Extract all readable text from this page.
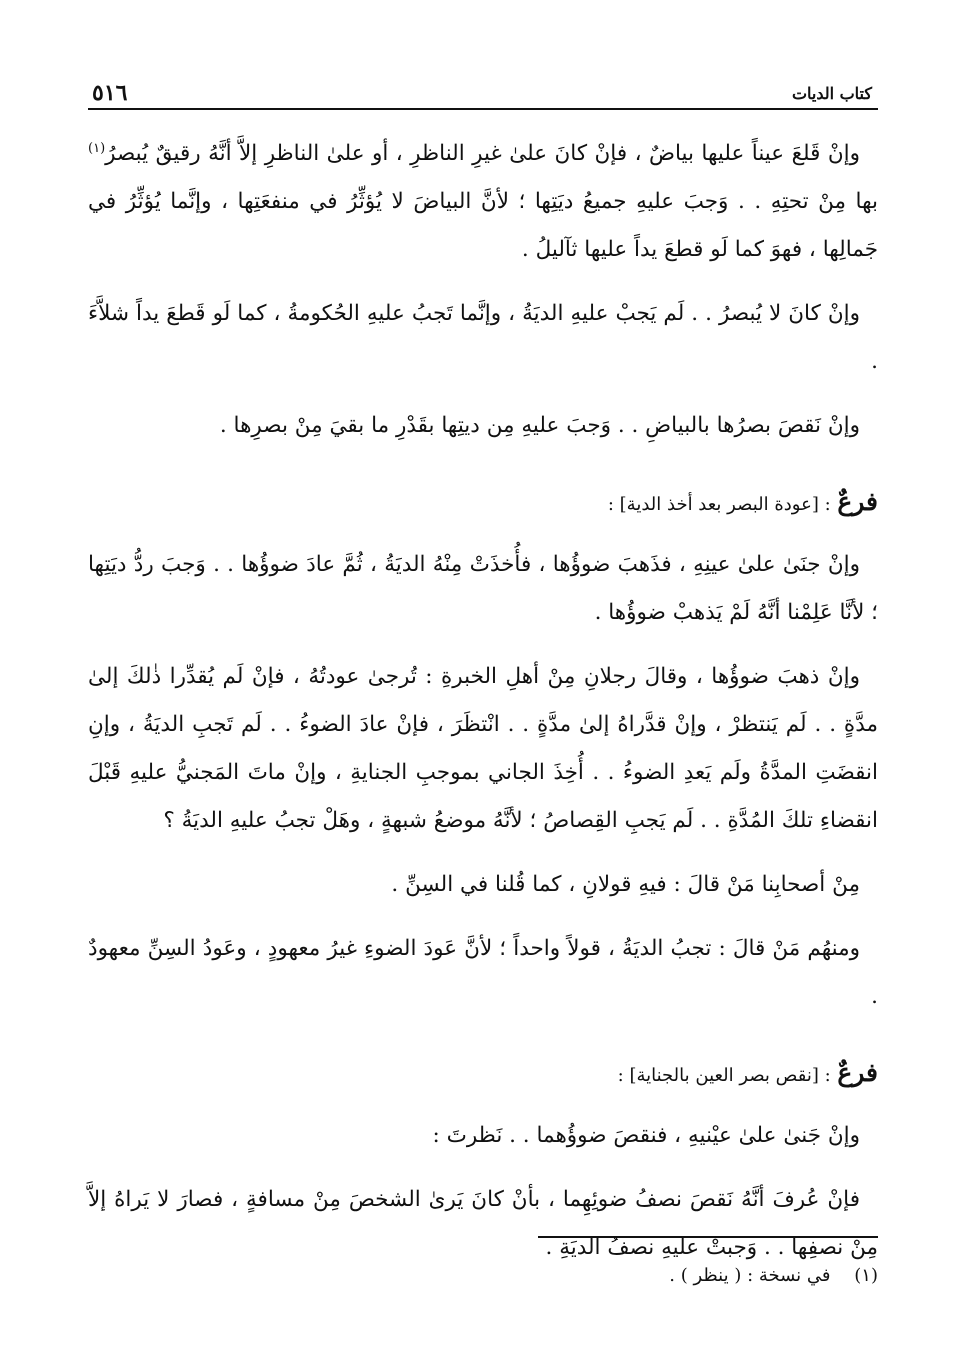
٥١٦	كتاب الديات

وإنْ قَلعَ عيناً عليها بياضٌ ، فإنْ كانَ علىٰ غيرِ الناظرِ ، أو علىٰ الناظرِ إلاَّ أنَّهُ رقيقٌ يُبصرُ$^{(١)}$ بها مِنْ تحتِهِ . . وَجبَ عليهِ جميعُ ديَتِها ؛ لأنَّ البياضَ لا يُؤثِّرُ في منفعَتِها ، وإنَّما يُؤثِّرُ في جَمالِها ، فهوَ كما لَو قطعَ يداً عليها ثآليلُ .

وإنْ كانَ لا يُبصرُ . . لَم يَجبْ عليهِ الديَةُ ، وإنَّما تَجبُ عليهِ الحُكومةُ ، كما لَو قَطعَ يداً شلاَّءَ .

وإنْ نَقصَ بصرُها بالبياضِ . . وَجبَ عليهِ مِن ديتِها بقَدْرِ ما بقيَ مِنْ بصرِها .

فرعٌ : [عودة البصر بعد أخذ الدية] :

وإنْ جنَىٰ علىٰ عينِهِ ، فذَهبَ ضوؤُها ، فأُخذَتْ مِنْهُ الديَةُ ، ثُمَّ عادَ ضوؤُها . . وَجبَ ردُّ ديَتِها ؛ لأنَّا عَلِمْنا أنَّهُ لَمْ يَذهبْ ضوؤُها .

وإنْ ذهبَ ضوؤُها ، وقالَ رجلانِ مِنْ أهلِ الخبرةِ : تُرجىٰ عودتُهُ ، فإنْ لَم يُقدِّرا ذٰلكَ إلىٰ مدَّةٍ . . لَم يَنتظرْ ، وإنْ قدَّراهُ إلىٰ مدَّةٍ . . انْتظَرَ ، فإنْ عادَ الضوءُ . . لَم تَجبِ الديَةُ ، وإنِ انقضَتِ المدَّةُ ولَم يَعدِ الضوءُ . . أُخِذَ الجاني بموجبِ الجنايةِ ، وإنْ ماتَ المَجنيُّ عليهِ قَبْلَ انقضاءِ تلكَ المُدَّةِ . . لَم يَجبِ القِصاصُ ؛ لأنَّهُ موضعُ شبهةٍ ، وهَلْ تجبُ عليهِ الديَةُ ؟

مِنْ أصحابِنا مَنْ قالَ : فيهِ قولانِ ، كما قُلنا في السِنِّ .

ومنهُم مَنْ قالَ : تجبُ الديَةُ ، قولاً واحداً ؛ لأنَّ عَودَ الضوءِ غيرُ معهودٍ ، وعَودُ السِنِّ معهودٌ .

فرعٌ : [نقص بصر العين بالجناية] :

وإنْ جَنىٰ علىٰ عيْنيهِ ، فنقصَ ضوؤُهما . . نَظرتَ :

فإنْ عُرفَ أنَّهُ نَقصَ نصفُ ضوئِهِما ، بأنْ كانَ يَرىٰ الشخصَ مِنْ مسافةٍ ، فصارَ لا يَراهُ إلاَّ مِنْ نصفِها . . وَجبتْ عليهِ نصفُ الديَةِ .

(١) في نسخة : ( ينظر ) .
